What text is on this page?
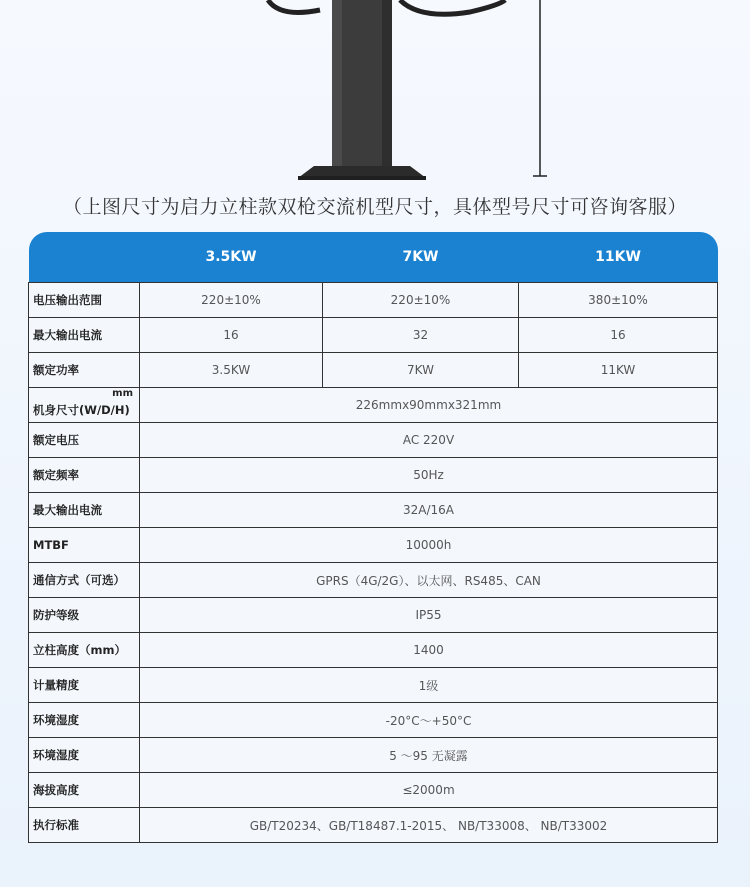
（上图尺寸为启力立柱款双枪交流机型尺寸，具体型号尺寸可咨询客服）
	3.5KW	7KW	11KW
电压输出范围	220±10%	220±10%	380±10%
最大输出电流	16	32	16
额定功率	3.5KW	7KW	11KW

mm
机身尺寸(W/D/H)	226mmx90mmx321mm		
额定电压	AC 220V		
额定频率	50Hz		
最大输出电流	32A/16A		
MTBF	10000h		
通信方式（可选）	GPRS（4G/2G）、以太网、RS485、CAN		
防护等级	IP55		
立柱高度（mm）	1400		
计量精度	1级		
环境湿度	-20°C～+50°C		
环境湿度	5 ～95 无凝露		
海拔高度	≤2000m		
执行标准	GB/T20234、GB/T18487.1-2015、 NB/T33008、 NB/T33002		
